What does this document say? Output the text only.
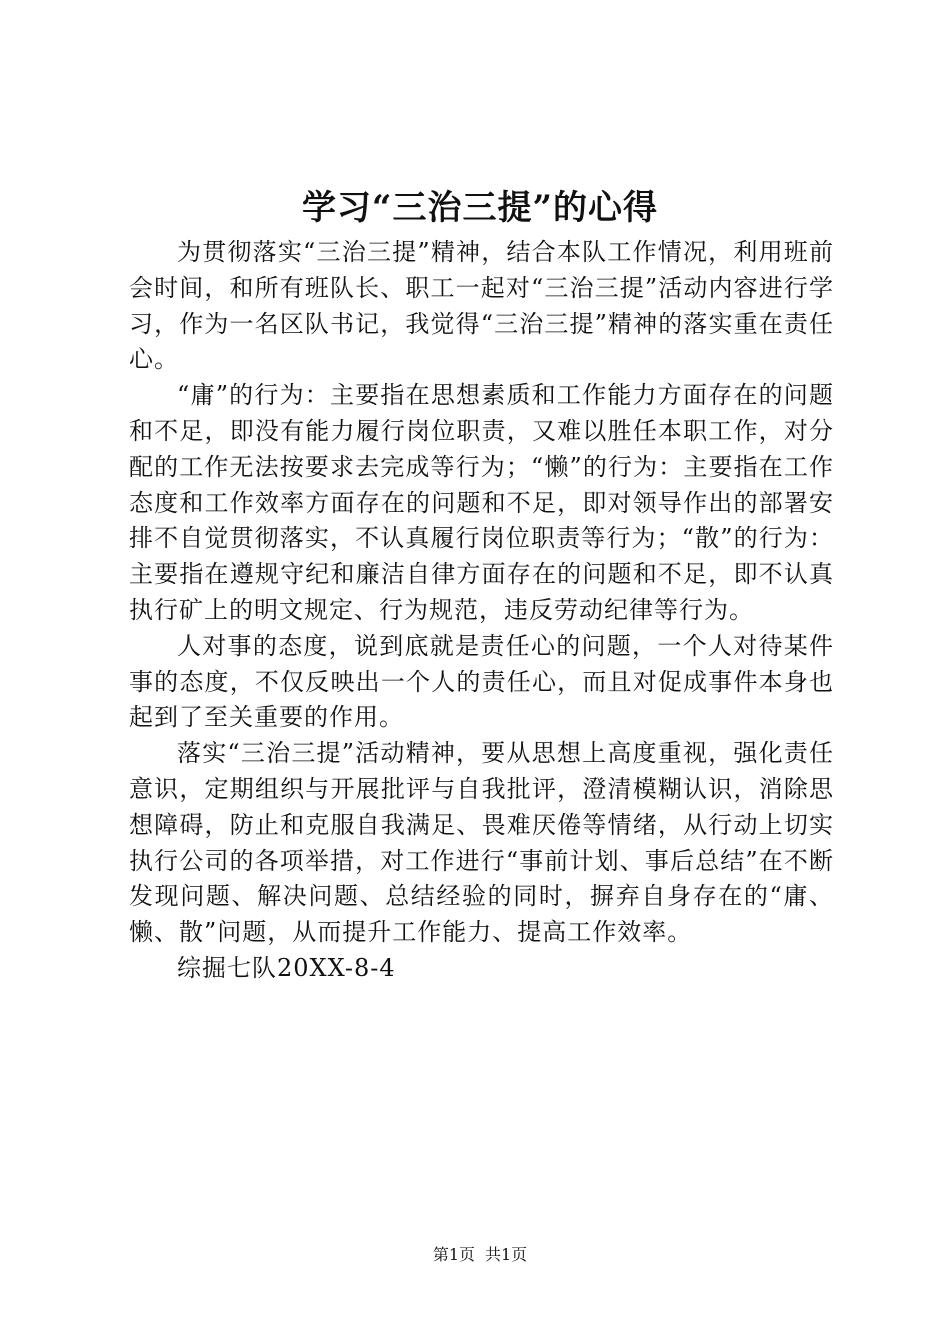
学习“三治三提”的心得

为贯彻落实“三治三提”精神，结合本队工作情况，利用班前会时间，和所有班队长、职工一起对“三治三提”活动内容进行学习，作为一名区队书记，我觉得“三治三提”精神的落实重在责任心。

“庸”的行为：主要指在思想素质和工作能力方面存在的问题和不足，即没有能力履行岗位职责，又难以胜任本职工作，对分配的工作无法按要求去完成等行为；“懒”的行为：主要指在工作态度和工作效率方面存在的问题和不足，即对领导作出的部署安排不自觉贯彻落实，不认真履行岗位职责等行为；“散”的行为：主要指在遵规守纪和廉洁自律方面存在的问题和不足，即不认真执行矿上的明文规定、行为规范，违反劳动纪律等行为。

人对事的态度，说到底就是责任心的问题，一个人对待某件事的态度，不仅反映出一个人的责任心，而且对促成事件本身也起到了至关重要的作用。

落实“三治三提”活动精神，要从思想上高度重视，强化责任意识，定期组织与开展批评与自我批评，澄清模糊认识，消除思想障碍，防止和克服自我满足、畏难厌倦等情绪，从行动上切实执行公司的各项举措，对工作进行“事前计划、事后总结”在不断发现问题、解决问题、总结经验的同时，摒弃自身存在的“庸、懒、散”问题，从而提升工作能力、提高工作效率。

综掘七队20XX-8-4

第1页 共1页
